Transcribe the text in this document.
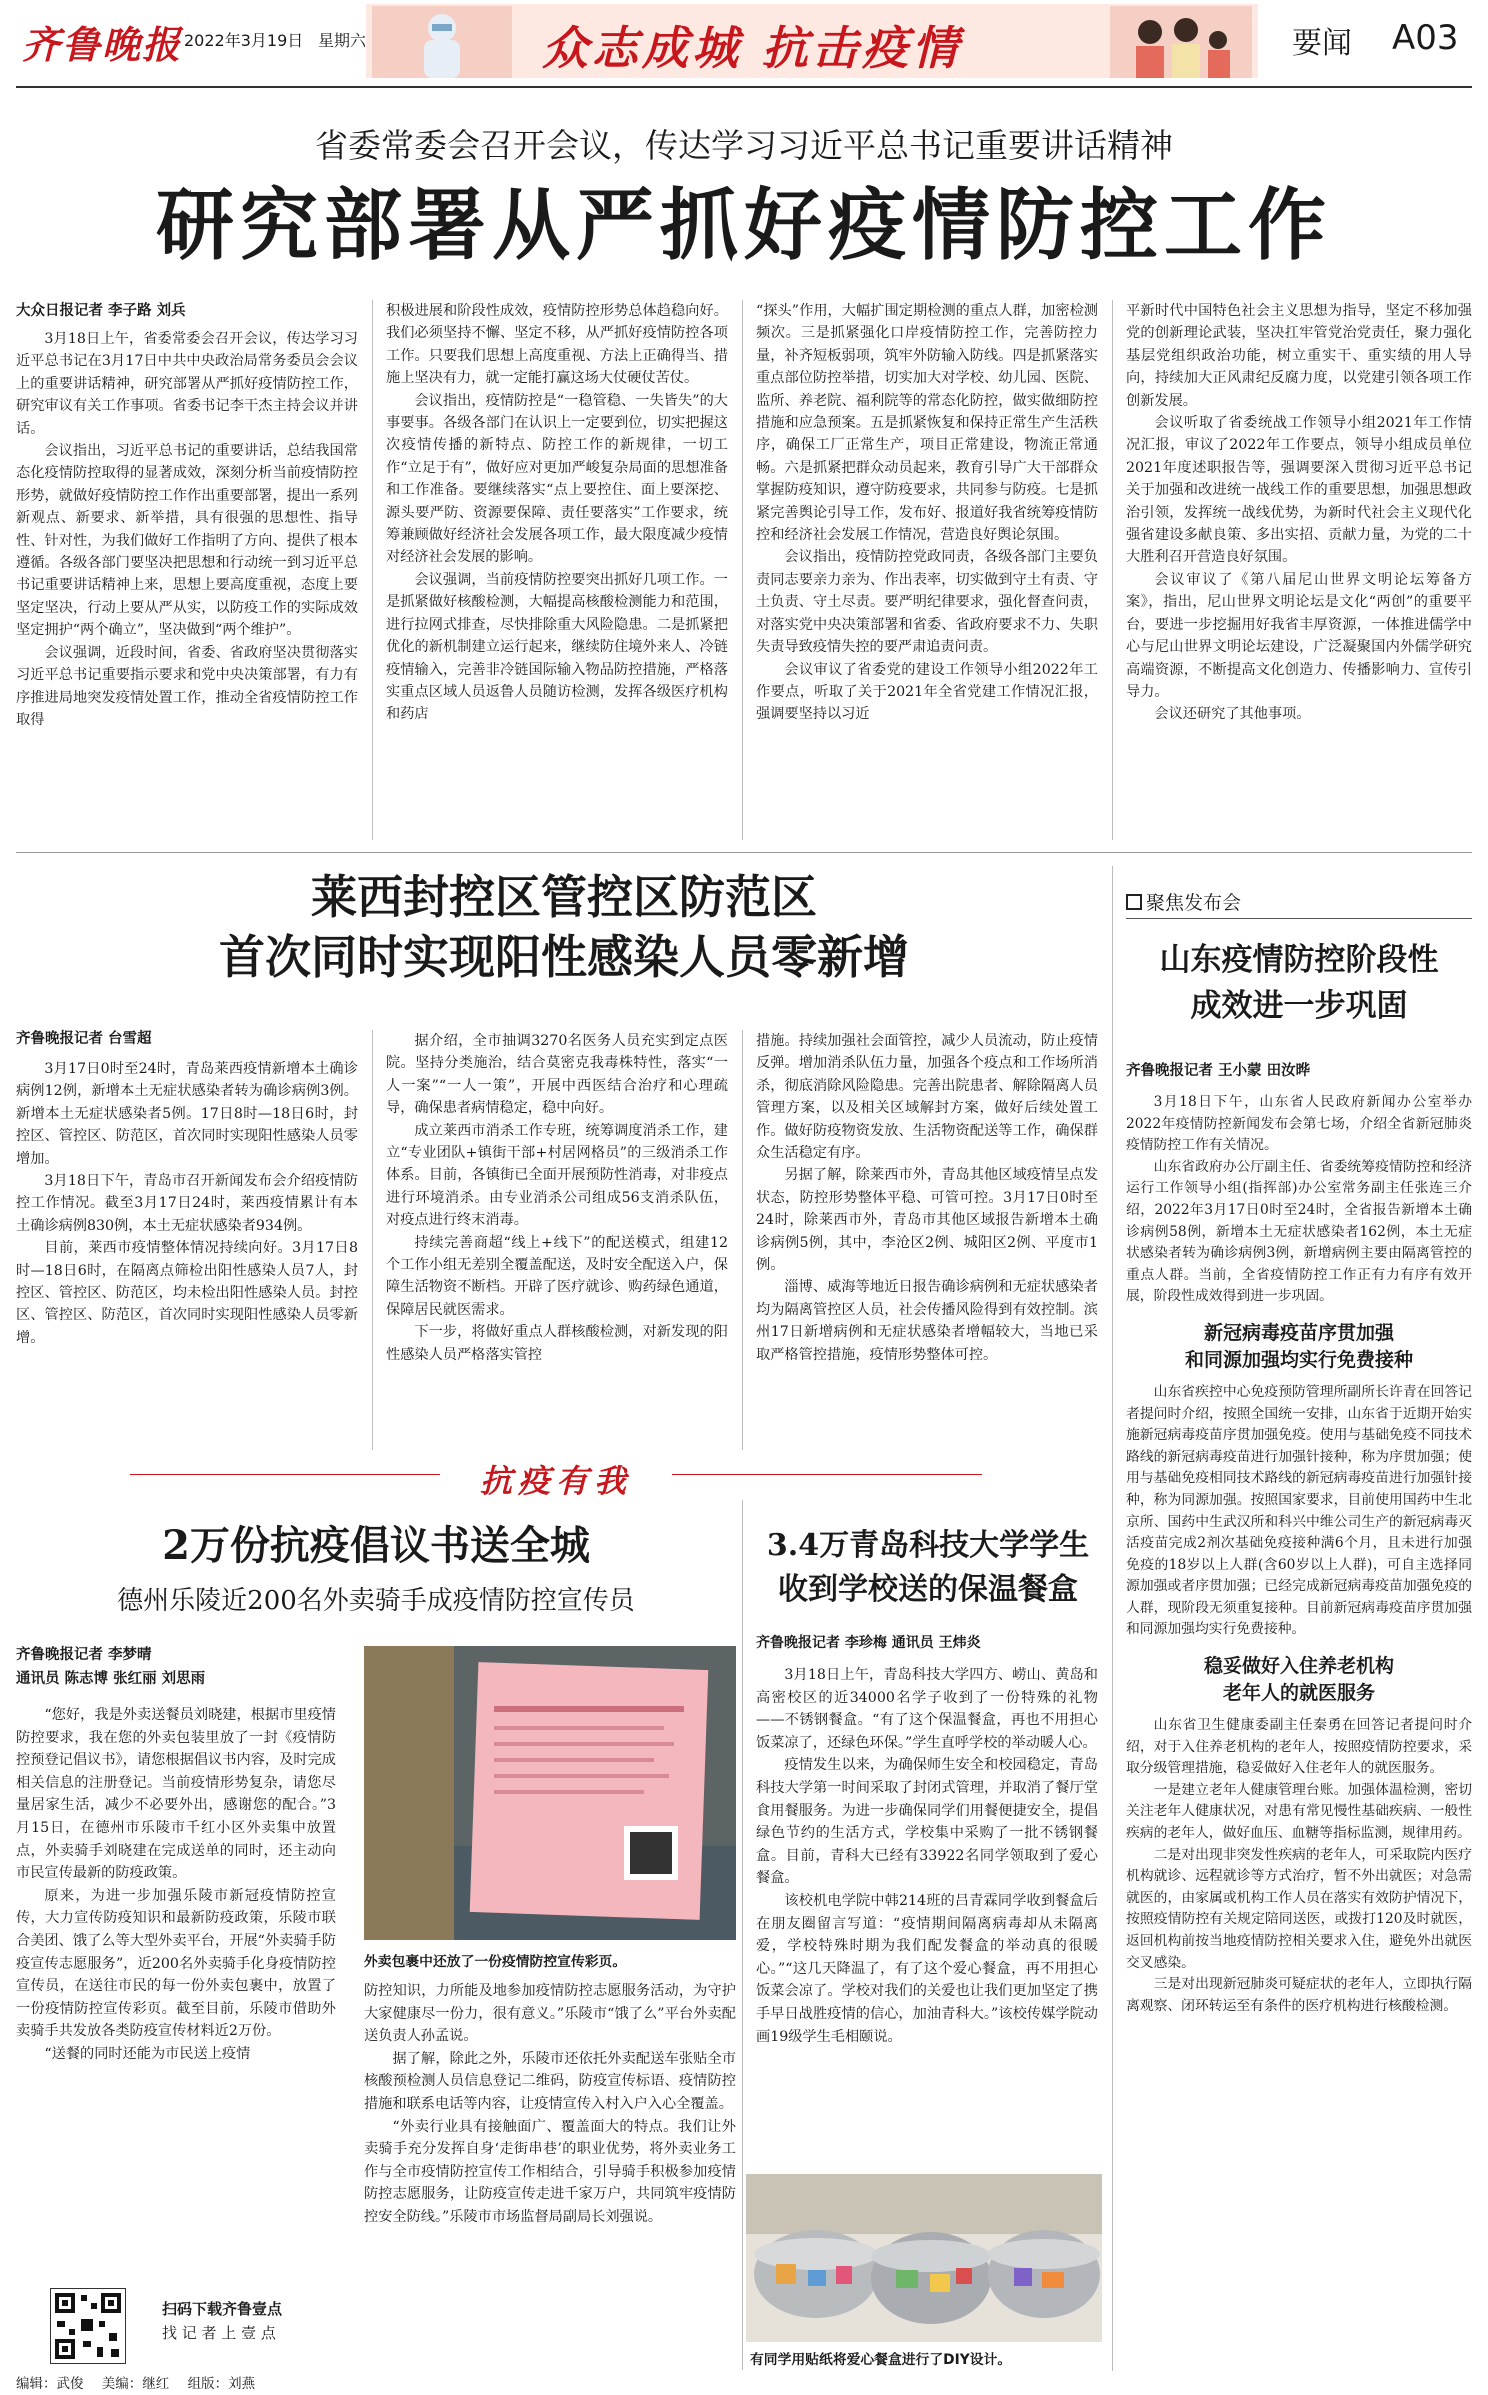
齐鲁晚报 2022年3月19日 星期六	众志成城 抗击疫情	要闻 A03
省委常委会召开会议，传达学习习近平总书记重要讲话精神
研究部署从严抓好疫情防控工作
大众日报记者 李子路 刘兵

3月18日上午，省委常委会召开会议，传达学习习近平总书记在3月17日中共中央政治局常务委员会会议上的重要讲话精神，研究部署从严抓好疫情防控工作，研究审议有关工作事项。省委书记李干杰主持会议并讲话。

会议指出，习近平总书记的重要讲话，总结我国常态化疫情防控取得的显著成效，深刻分析当前疫情防控形势，就做好疫情防控工作作出重要部署，提出一系列新观点、新要求、新举措，具有很强的思想性、指导性、针对性，为我们做好工作指明了方向、提供了根本遵循。各级各部门要坚决把思想和行动统一到习近平总书记重要讲话精神上来，思想上要高度重视，态度上要坚定坚决，行动上要从严从实，以防疫工作的实际成效坚定拥护“两个确立”，坚决做到“两个维护”。

会议强调，近段时间，省委、省政府坚决贯彻落实习近平总书记重要指示要求和党中央决策部署，有力有序推进局地突发疫情处置工作，推动全省疫情防控工作取得

积极进展和阶段性成效，疫情防控形势总体趋稳向好。我们必须坚持不懈、坚定不移，从严抓好疫情防控各项工作。只要我们思想上高度重视、方法上正确得当、措施上坚决有力，就一定能打赢这场大仗硬仗苦仗。

会议指出，疫情防控是“一稳管稳、一失皆失”的大事要事。各级各部门在认识上一定要到位，切实把握这次疫情传播的新特点、防控工作的新规律，一切工作“立足于有”，做好应对更加严峻复杂局面的思想准备和工作准备。要继续落实“点上要控住、面上要深挖、源头要严防、资源要保障、责任要落实”工作要求，统筹兼顾做好经济社会发展各项工作，最大限度减少疫情对经济社会发展的影响。

会议强调，当前疫情防控要突出抓好几项工作。一是抓紧做好核酸检测，大幅提高核酸检测能力和范围，进行拉网式排查，尽快排除重大风险隐患。二是抓紧把优化的新机制建立运行起来，继续防住境外来人、冷链疫情输入，完善非冷链国际输入物品防控措施，严格落实重点区域人员返鲁人员随访检测，发挥各级医疗机构和药店

“探头”作用，大幅扩围定期检测的重点人群，加密检测频次。三是抓紧强化口岸疫情防控工作，完善防控力量，补齐短板弱项，筑牢外防输入防线。四是抓紧落实重点部位防控举措，切实加大对学校、幼儿园、医院、监所、养老院、福利院等的常态化防控，做实做细防控措施和应急预案。五是抓紧恢复和保持正常生产生活秩序，确保工厂正常生产，项目正常建设，物流正常通畅。六是抓紧把群众动员起来，教育引导广大干部群众掌握防疫知识，遵守防疫要求，共同参与防疫。七是抓紧完善舆论引导工作，发布好、报道好我省统筹疫情防控和经济社会发展工作情况，营造良好舆论氛围。

会议指出，疫情防控党政同责，各级各部门主要负责同志要亲力亲为、作出表率，切实做到守土有责、守土负责、守土尽责。要严明纪律要求，强化督查问责，对落实党中央决策部署和省委、省政府要求不力、失职失责导致疫情失控的要严肃追责问责。

会议审议了省委党的建设工作领导小组2022年工作要点，听取了关于2021年全省党建工作情况汇报，强调要坚持以习近

平新时代中国特色社会主义思想为指导，坚定不移加强党的创新理论武装，坚决扛牢管党治党责任，聚力强化基层党组织政治功能，树立重实干、重实绩的用人导向，持续加大正风肃纪反腐力度，以党建引领各项工作创新发展。

会议听取了省委统战工作领导小组2021年工作情况汇报，审议了2022年工作要点，领导小组成员单位2021年度述职报告等，强调要深入贯彻习近平总书记关于加强和改进统一战线工作的重要思想，加强思想政治引领，发挥统一战线优势，为新时代社会主义现代化强省建设多献良策、多出实招、贡献力量，为党的二十大胜利召开营造良好氛围。

会议审议了《第八届尼山世界文明论坛筹备方案》，指出，尼山世界文明论坛是文化“两创”的重要平台，要进一步挖掘用好我省丰厚资源，一体推进儒学中心与尼山世界文明论坛建设，广泛凝聚国内外儒学研究高端资源，不断提高文化创造力、传播影响力、宣传引导力。

会议还研究了其他事项。

莱西封控区管控区防范区
首次同时实现阳性感染人员零新增
齐鲁晚报记者 台雪超

3月17日0时至24时，青岛莱西疫情新增本土确诊病例12例，新增本土无症状感染者转为确诊病例3例。新增本土无症状感染者5例。17日8时—18日6时，封控区、管控区、防范区，首次同时实现阳性感染人员零增加。

3月18日下午，青岛市召开新闻发布会介绍疫情防控工作情况。截至3月17日24时，莱西疫情累计有本土确诊病例830例，本土无症状感染者934例。

目前，莱西市疫情整体情况持续向好。3月17日8时—18日6时，在隔离点筛检出阳性感染人员7人，封控区、管控区、防范区，均未检出阳性感染人员。封控区、管控区、防范区，首次同时实现阳性感染人员零新增。

据介绍，全市抽调3270名医务人员充实到定点医院。坚持分类施治，结合莫密克我毒株特性，落实“一人一案”“一人一策”，开展中西医结合治疗和心理疏导，确保患者病情稳定，稳中向好。

成立莱西市消杀工作专班，统筹调度消杀工作，建立“专业团队+镇街干部+村居网格员”的三级消杀工作体系。目前，各镇街已全面开展预防性消毒，对非疫点进行环境消杀。由专业消杀公司组成56支消杀队伍，对疫点进行终末消毒。

持续完善商超“线上+线下”的配送模式，组建12个工作小组无差别全覆盖配送，及时安全配送入户，保障生活物资不断档。开辟了医疗就诊、购药绿色通道，保障居民就医需求。

下一步，将做好重点人群核酸检测，对新发现的阳性感染人员严格落实管控

措施。持续加强社会面管控，减少人员流动，防止疫情反弹。增加消杀队伍力量，加强各个疫点和工作场所消杀，彻底消除风险隐患。完善出院患者、解除隔离人员管理方案，以及相关区域解封方案，做好后续处置工作。做好防疫物资发放、生活物资配送等工作，确保群众生活稳定有序。

另据了解，除莱西市外，青岛其他区域疫情呈点发状态，防控形势整体平稳、可管可控。3月17日0时至24时，除莱西市外，青岛市其他区域报告新增本土确诊病例5例，其中，李沧区2例、城阳区2例、平度市1例。

淄博、威海等地近日报告确诊病例和无症状感染者均为隔离管控区人员，社会传播风险得到有效控制。滨州17日新增病例和无症状感染者增幅较大，当地已采取严格管控措施，疫情形势整体可控。

聚焦发布会
山东疫情防控阶段性
成效进一步巩固
齐鲁晚报记者 王小蒙 田汝晔

3月18日下午，山东省人民政府新闻办公室举办2022年疫情防控新闻发布会第七场，介绍全省新冠肺炎疫情防控工作有关情况。

山东省政府办公厅副主任、省委统筹疫情防控和经济运行工作领导小组(指挥部)办公室常务副主任张连三介绍，2022年3月17日0时至24时，全省报告新增本土确诊病例58例，新增本土无症状感染者162例，本土无症状感染者转为确诊病例3例，新增病例主要由隔离管控的重点人群。当前，全省疫情防控工作正有力有序有效开展，阶段性成效得到进一步巩固。

新冠病毒疫苗序贯加强
和同源加强均实行免费接种

山东省疾控中心免疫预防管理所副所长许青在回答记者提问时介绍，按照全国统一安排，山东省于近期开始实施新冠病毒疫苗序贯加强免疫。使用与基础免疫不同技术路线的新冠病毒疫苗进行加强针接种，称为序贯加强；使用与基础免疫相同技术路线的新冠病毒疫苗进行加强针接种，称为同源加强。按照国家要求，目前使用国药中生北京所、国药中生武汉所和科兴中维公司生产的新冠病毒灭活疫苗完成2剂次基础免疫接种满6个月，且未进行加强免疫的18岁以上人群(含60岁以上人群)，可自主选择同源加强或者序贯加强；已经完成新冠病毒疫苗加强免疫的人群，现阶段无须重复接种。目前新冠病毒疫苗序贯加强和同源加强均实行免费接种。

稳妥做好入住养老机构
老年人的就医服务

山东省卫生健康委副主任秦勇在回答记者提问时介绍，对于入住养老机构的老年人，按照疫情防控要求，采取分级管理措施，稳妥做好入住老年人的就医服务。

一是建立老年人健康管理台账。加强体温检测，密切关注老年人健康状况，对患有常见慢性基础疾病、一般性疾病的老年人，做好血压、血糖等指标监测，规律用药。

二是对出现非突发性疾病的老年人，可采取院内医疗机构就诊、远程就诊等方式治疗，暂不外出就医；对急需就医的，由家属或机构工作人员在落实有效防护情况下，按照疫情防控有关规定陪同送医，或拨打120及时就医，返回机构前按当地疫情防控相关要求入住，避免外出就医交叉感染。

三是对出现新冠肺炎可疑症状的老年人，立即执行隔离观察、闭环转运至有条件的医疗机构进行核酸检测。

抗疫有我
2万份抗疫倡议书送全城
德州乐陵近200名外卖骑手成疫情防控宣传员
齐鲁晚报记者 李梦晴
通讯员 陈志博 张红丽 刘思雨

“您好，我是外卖送餐员刘晓建，根据市里疫情防控要求，我在您的外卖包装里放了一封《疫情防控预登记倡议书》，请您根据倡议书内容，及时完成相关信息的注册登记。当前疫情形势复杂，请您尽量居家生活，减少不必要外出，感谢您的配合。”3月15日，在德州市乐陵市千红小区外卖集中放置点，外卖骑手刘晓建在完成送单的同时，还主动向市民宣传最新的防疫政策。

原来，为进一步加强乐陵市新冠疫情防控宣传，大力宣传防疫知识和最新防疫政策，乐陵市联合美团、饿了么等大型外卖平台，开展“外卖骑手防疫宣传志愿服务”，近200名外卖骑手化身疫情防控宣传员，在送往市民的每一份外卖包裹中，放置了一份疫情防控宣传彩页。截至目前，乐陵市借助外卖骑手共发放各类防疫宣传材料近2万份。

“送餐的同时还能为市民送上疫情

外卖包裹中还放了一份疫情防控宣传彩页。

防控知识，力所能及地参加疫情防控志愿服务活动，为守护大家健康尽一份力，很有意义。”乐陵市“饿了么”平台外卖配送负责人孙孟说。

据了解，除此之外，乐陵市还依托外卖配送车张贴全市核酸预检测人员信息登记二维码，防疫宣传标语、疫情防控措施和联系电话等内容，让疫情宣传入村入户入心全覆盖。

“外卖行业具有接触面广、覆盖面大的特点。我们让外卖骑手充分发挥自身‘走街串巷’的职业优势，将外卖业务工作与全市疫情防控宣传工作相结合，引导骑手积极参加疫情防控志愿服务，让防疫宣传走进千家万户，共同筑牢疫情防控安全防线。”乐陵市市场监督局副局长刘强说。

扫码下载齐鲁壹点
找 记 者 上 壹 点
3.4万青岛科技大学学生
收到学校送的保温餐盒
齐鲁晚报记者 李珍梅 通讯员 王炜炎

3月18日上午，青岛科技大学四方、崂山、黄岛和高密校区的近34000名学子收到了一份特殊的礼物——不锈钢餐盒。“有了这个保温餐盒，再也不用担心饭菜凉了，还绿色环保。”学生直呼学校的举动暖人心。

疫情发生以来，为确保师生安全和校园稳定，青岛科技大学第一时间采取了封闭式管理，并取消了餐厅堂食用餐服务。为进一步确保同学们用餐便捷安全，提倡绿色节约的生活方式，学校集中采购了一批不锈钢餐盒。目前，青科大已经有33922名同学领取到了爱心餐盒。

该校机电学院中韩214班的吕青霖同学收到餐盒后在朋友圈留言写道：“疫情期间隔离病毒却从未隔离爱，学校特殊时期为我们配发餐盒的举动真的很暖心。”“这几天降温了，有了这个爱心餐盒，再不用担心饭菜会凉了。学校对我们的关爱也让我们更加坚定了携手早日战胜疫情的信心，加油青科大。”该校传媒学院动画19级学生毛相颐说。

有同学用贴纸将爱心餐盒进行了DIY设计。
编辑：武俊 美编：继红 组版：刘燕
